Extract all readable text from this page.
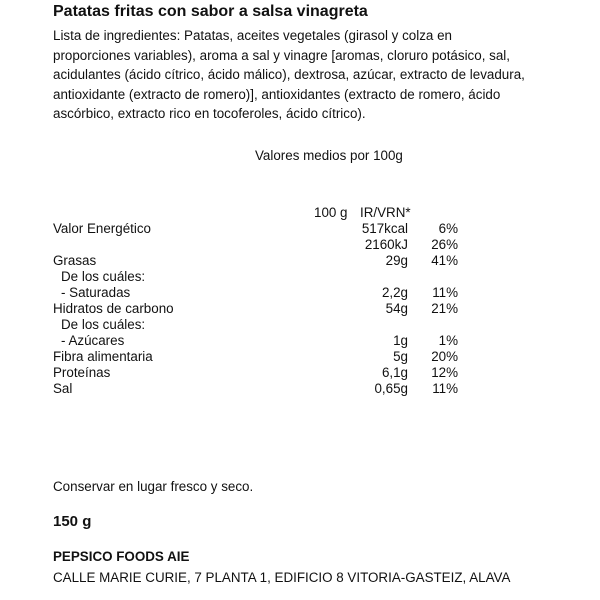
Patatas fritas con sabor a salsa vinagreta
Lista de ingredientes: Patatas, aceites vegetales (girasol y colza en
proporciones variables), aroma a sal y vinagre [aromas, cloruro potásico, sal,
acidulantes (ácido cítrico, ácido málico), dextrosa, azúcar, extracto de levadura,
antioxidante (extracto de romero)], antioxidantes (extracto de romero, ácido
ascórbico, extracto rico en tocoferoles, ácido cítrico).
Valores medios por 100g
100 g IR/VRN*
Valor Energético	517kcal 6%
2160kJ 26%
Grasas	29g 41%
De los cuáles:
- Saturadas	2,2g 11%
Hidratos de carbono	54g 21%
De los cuáles:
- Azúcares	1g 1%
Fibra alimentaria	5g 20%
Proteínas	6,1g 12%
Sal	0,65g 11%
Conservar en lugar fresco y seco.
150 g
PEPSICO FOODS AIE
CALLE MARIE CURIE, 7 PLANTA 1, EDIFICIO 8 VITORIA-GASTEIZ, ALAVA
